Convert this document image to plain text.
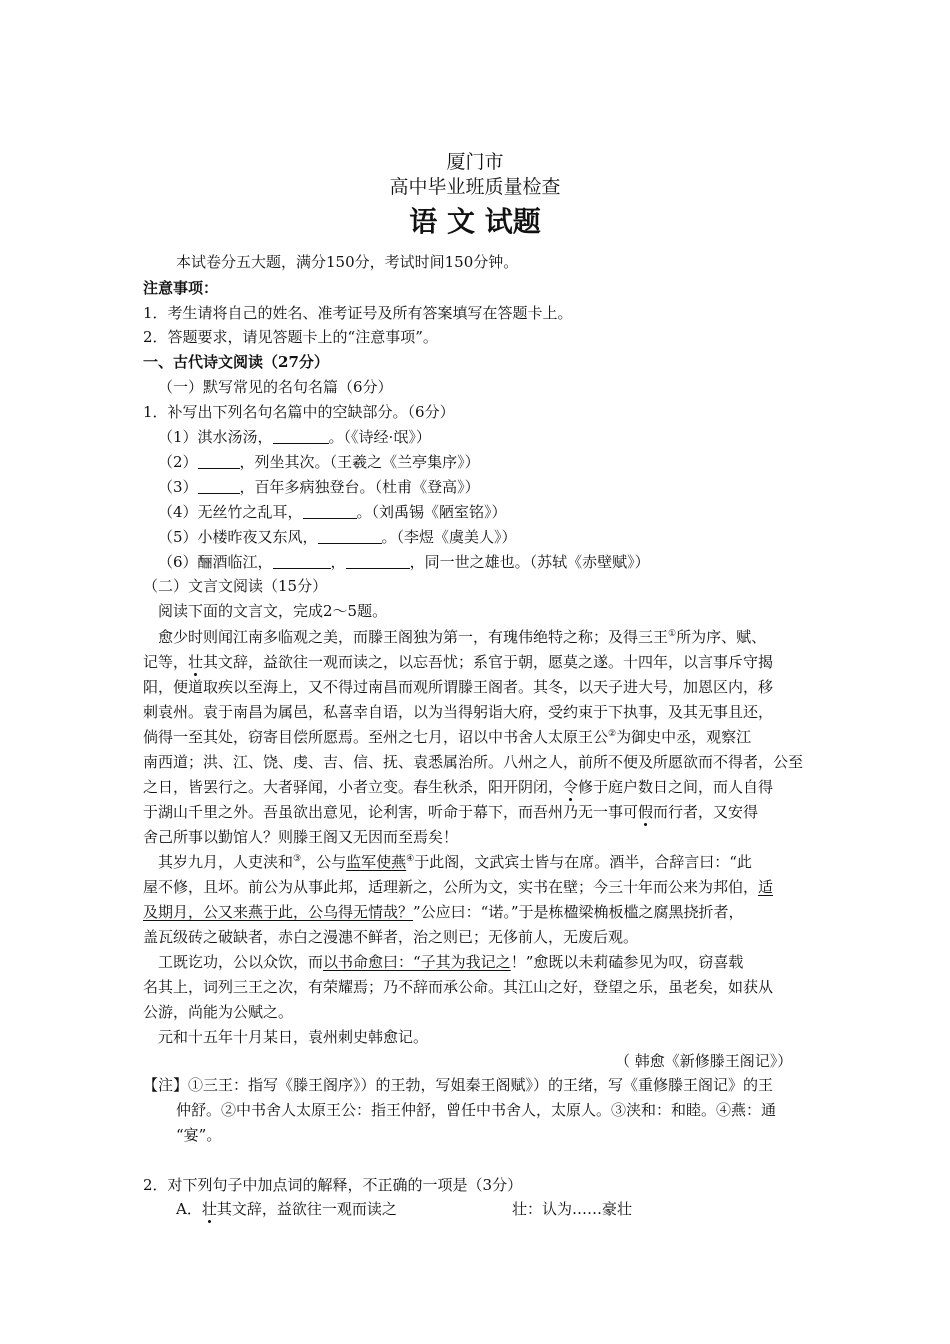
厦门市
高中毕业班质量检查
语 文 试题
本试卷分五大题，满分150分，考试时间150分钟。
注意事项：
1．考生请将自己的姓名、准考证号及所有答案填写在答题卡上。
2．答题要求，请见答题卡上的“注意事项”。
一、古代诗文阅读（27分）
（一）默写常见的名句名篇（6分）
1．补写出下列名句名篇中的空缺部分。（6分）
（1）淇水汤汤，	。（《诗经·氓》）
（2）	，列坐其次。（王羲之《兰亭集序》）
（3）	，百年多病独登台。（杜甫《登高》）
（4）无丝竹之乱耳，	。（刘禹锡《陋室铭》）
（5）小楼昨夜又东风，	。（李煜《虞美人》）
（6）酾酒临江，	，	，同一世之雄也。（苏轼《赤壁赋》）
（二）文言文阅读（15分）
阅读下面的文言文，完成2～5题。
愈少时则闻江南多临观之美，而滕王阁独为第一，有瑰伟绝特之称；及得三王①所为序、赋、
记等，壮其文辞，益欲往一观而读之，以忘吾忧；系官于朝，愿莫之遂。十四年，以言事斥守揭
阳，便道取疾以至海上，又不得过南昌而观所谓滕王阁者。其冬，以天子进大号，加恩区内，移
刺袁州。袁于南昌为属邑，私喜幸自语，以为当得躬诣大府，受约束于下执事，及其无事且还，
倘得一至其处，窃寄目偿所愿焉。至州之七月，诏以中书舍人太原王公②为御史中丞，观察江
南西道；洪、江、饶、虔、吉、信、抚、袁悉属治所。八州之人，前所不便及所愿欲而不得者，公至
之日，皆罢行之。大者驿闻，小者立变。春生秋杀，阳开阴闭，令修于庭户数日之间，而人自得
于湖山千里之外。吾虽欲出意见，论利害，听命于幕下，而吾州乃无一事可假而行者，又安得
舍己所事以勤馆人？则滕王阁又无因而至焉矣！
其岁九月，人吏浃和③，公与监军使燕④于此阁，文武宾士皆与在席。酒半，合辞言曰：“此
屋不修，且坏。前公为从事此邦，适理新之，公所为文，实书在壁；今三十年而公来为邦伯，适
及期月，公又来燕于此，公乌得无情哉？”公应曰：“诺。”于是栋楹梁桷板槛之腐黑挠折者，
盖瓦级砖之破缺者，赤白之漫漶不鲜者，治之则已；无侈前人，无废后观。
工既讫功，公以众饮，而以书命愈曰：“子其为我记之！”愈既以未莉磕参见为叹，窃喜载
名其上，词列三王之次，有荣耀焉；乃不辞而承公命。其江山之好，登望之乐，虽老矣，如获从
公游，尚能为公赋之。
元和十五年十月某日，袁州刺史韩愈记。
（ 韩愈《新修滕王阁记》）
【注】①三王：指写《滕王阁序》）的王勃，写姐秦王阁赋》）的王绪，写《重修滕王阁记》的王
仲舒。②中书舍人太原王公：指王仲舒，曾任中书舍人，太原人。③浃和：和睦。④燕：通
“宴”。
2．对下列句子中加点词的解释，不正确的一项是（3分）
A．壮其文辞，益欲往一观而读之	壮：认为……豪壮
